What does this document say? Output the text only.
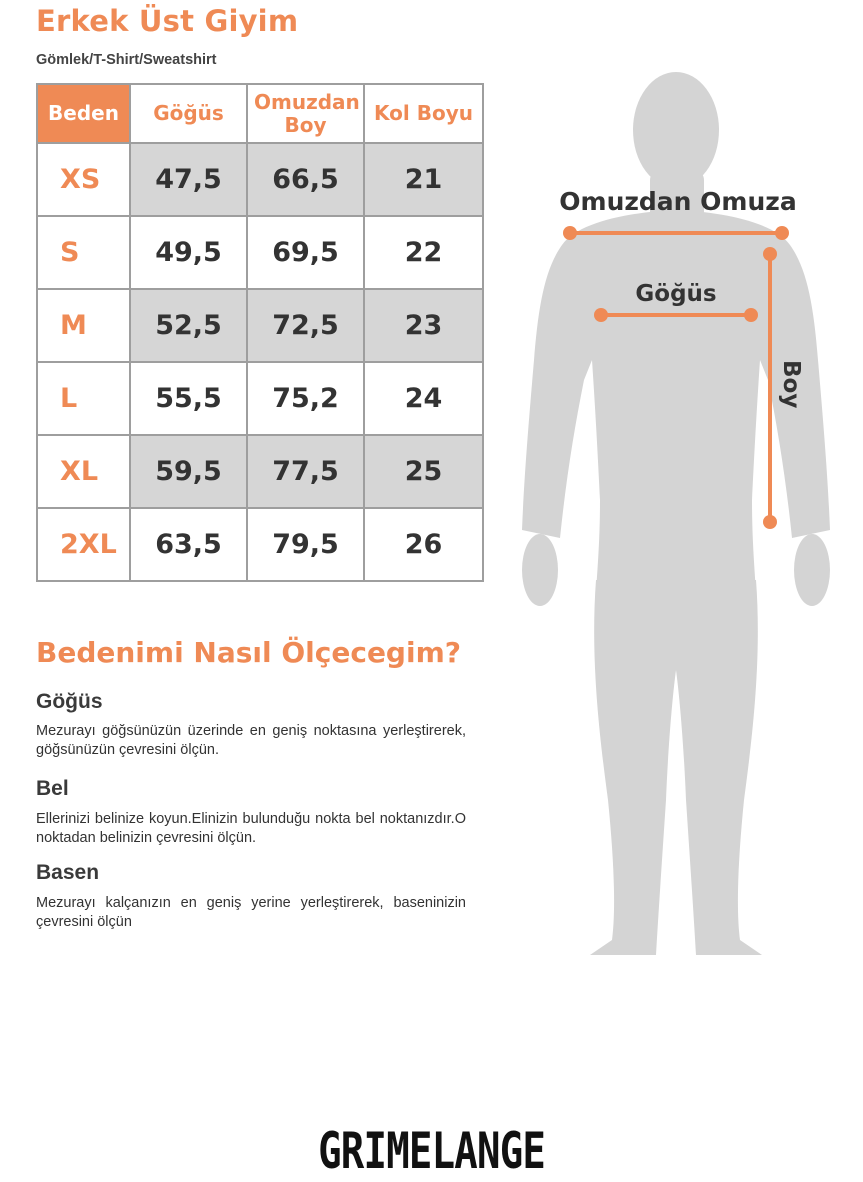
Erkek Üst Giyim
Gömlek/T-Shirt/Sweatshirt
Beden	Göğüs	Omuzdan Boy	Kol Boyu
XS	47,5	66,5	21
S	49,5	69,5	22
M	52,5	72,5	23
L	55,5	75,2	24
XL	59,5	77,5	25
2XL	63,5	79,5	26
Bedenimi Nasıl Ölçecegim?
Göğüs

Mezurayı göğsünüzün üzerinde en geniş noktasına yerleştirerek, göğsünüzün çevresini ölçün.

Bel

Ellerinizi belinize koyun.Elinizin bulunduğu nokta bel noktanızdır.O noktadan belinizin çevresini ölçün.

Basen

Mezurayı kalçanızın en geniş yerine yerleştirerek, baseninizin çevresini ölçün

Omuzdan Omuza
Göğüs
Boy
GRIMELANGE
